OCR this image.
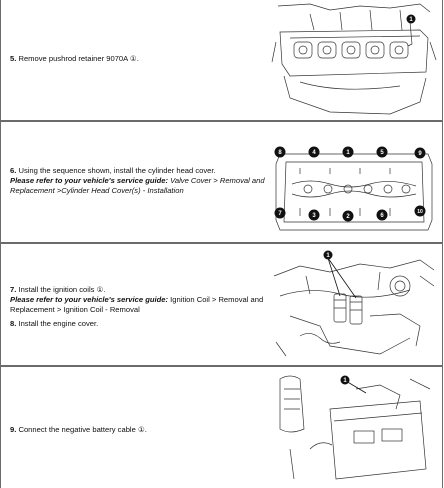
5. Remove pushrod retainer 9070A ①.
1
6. Using the sequence shown, install the cylinder head cover.
Please refer to your vehicle's service guide: Valve Cover > Removal and Replacement >Cylinder Head Cover(s) - Installation
8	4	1	5	9
7	3	2	6
10
7. Install the ignition coils ①.
Please refer to your vehicle's service guide: Ignition Coil > Removal and Replacement > Ignition Coil - Removal
8. Install the engine cover.
1
9. Connect the negative battery cable ①.
1
